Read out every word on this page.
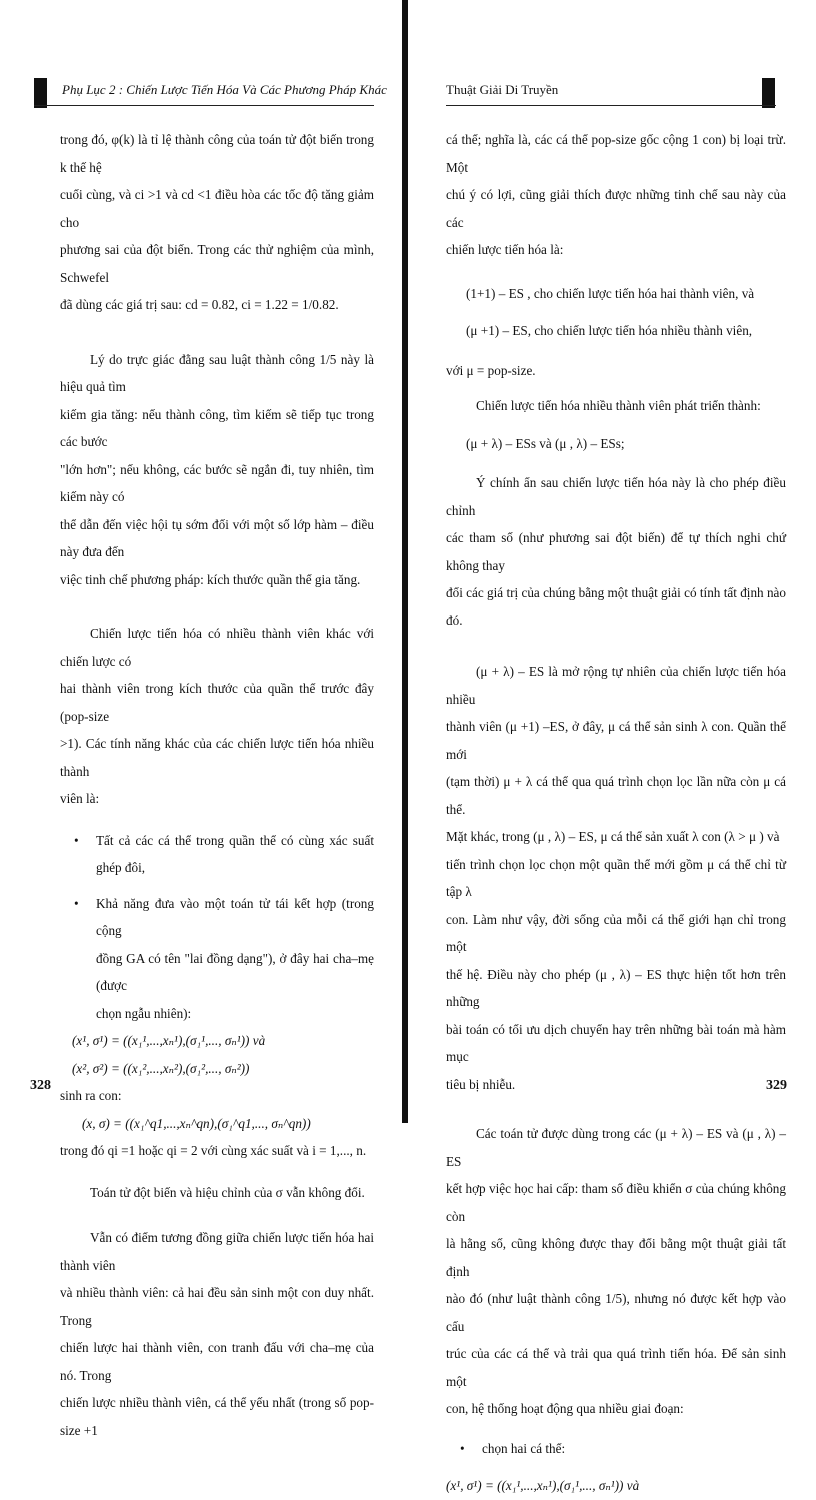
Phụ Lục 2 : Chiến Lược Tiến Hóa Và Các Phương Pháp Khác

trong đó, φ(k) là tỉ lệ thành công của toán tử đột biến trong k thế hệ

cuối cùng, và ci >1 và cd <1 điều hòa các tốc độ tăng giảm cho

phương sai của đột biến. Trong các thử nghiệm của mình, Schwefel

đã dùng các giá trị sau: cd = 0.82, ci = 1.22 = 1/0.82.

Lý do trực giác đằng sau luật thành công 1/5 này là hiệu quả tìm

kiếm gia tăng: nếu thành công, tìm kiếm sẽ tiếp tục trong các bước

"lớn hơn"; nếu không, các bước sẽ ngắn đi, tuy nhiên, tìm kiếm này có

thể dẫn đến việc hội tụ sớm đối với một số lớp hàm – điều này đưa đến

việc tinh chế phương pháp: kích thước quần thể gia tăng.

Chiến lược tiến hóa có nhiều thành viên khác với chiến lược có

hai thành viên trong kích thước của quần thể trước đây (pop-size

>1). Các tính năng khác của các chiến lược tiến hóa nhiều thành

viên là:

• Tất cả các cá thể trong quần thể có cùng xác suất ghép đôi,

• Khả năng đưa vào một toán tử tái kết hợp (trong cộng

đồng GA có tên "lai đồng dạng"), ở đây hai cha–mẹ (được

chọn ngẫu nhiên):

(x¹, σ¹) = ((x₁¹,...,xₙ¹),(σ₁¹,..., σₙ¹)) và

(x², σ²) = ((x₁²,...,xₙ²),(σ₁²,..., σₙ²))

sinh ra con:

(x, σ) = ((x₁^q1,...,xₙ^qn),(σ₁^q1,..., σₙ^qn))

trong đó qi =1 hoặc qi = 2 với cùng xác suất và i = 1,..., n.

Toán tử đột biến và hiệu chỉnh của σ vẫn không đổi.

Vẫn có điểm tương đồng giữa chiến lược tiến hóa hai thành viên

và nhiều thành viên: cả hai đều sản sinh một con duy nhất. Trong

chiến lược hai thành viên, con tranh đấu với cha–mẹ của nó. Trong

chiến lược nhiều thành viên, cá thể yếu nhất (trong số pop-size +1

328
Thuật Giải Di Truyền

cá thể; nghĩa là, các cá thể pop-size gốc cộng 1 con) bị loại trừ. Một

chú ý có lợi, cũng giải thích được những tinh chế sau này của các

chiến lược tiến hóa là:

(1+1) – ES , cho chiến lược tiến hóa hai thành viên, và

(μ +1) – ES, cho chiến lược tiến hóa nhiều thành viên,

với μ = pop-size.

Chiến lược tiến hóa nhiều thành viên phát triển thành:

(μ + λ) – ESs và (μ , λ) – ESs;

Ý chính ẩn sau chiến lược tiến hóa này là cho phép điều chỉnh

các tham số (như phương sai đột biến) để tự thích nghi chứ không thay

đổi các giá trị của chúng bằng một thuật giải có tính tất định nào đó.

(μ + λ) – ES là mở rộng tự nhiên của chiến lược tiến hóa nhiều

thành viên (μ +1) –ES, ở đây, μ cá thể sản sinh λ con. Quần thể mới

(tạm thời) μ + λ cá thể qua quá trình chọn lọc lần nữa còn μ cá thể.

Mặt khác, trong (μ , λ) – ES, μ cá thể sản xuất λ con (λ > μ ) và

tiến trình chọn lọc chọn một quần thể mới gồm μ cá thể chỉ từ tập λ

con. Làm như vậy, đời sống của mỗi cá thể giới hạn chỉ trong một

thế hệ. Điều này cho phép (μ , λ) – ES thực hiện tốt hơn trên những

bài toán có tối ưu dịch chuyển hay trên những bài toán mà hàm mục

tiêu bị nhiễu.

Các toán tử được dùng trong các (μ + λ) – ES và (μ , λ) – ES

kết hợp việc học hai cấp: tham số điều khiển σ của chúng không còn

là hằng số, cũng không được thay đổi bằng một thuật giải tất định

nào đó (như luật thành công 1/5), nhưng nó được kết hợp vào cấu

trúc của các cá thể và trải qua quá trình tiến hóa. Để sản sinh một

con, hệ thống hoạt động qua nhiều giai đoạn:

• chọn hai cá thể:

(x¹, σ¹) = ((x₁¹,...,xₙ¹),(σ₁¹,..., σₙ¹)) và

329
